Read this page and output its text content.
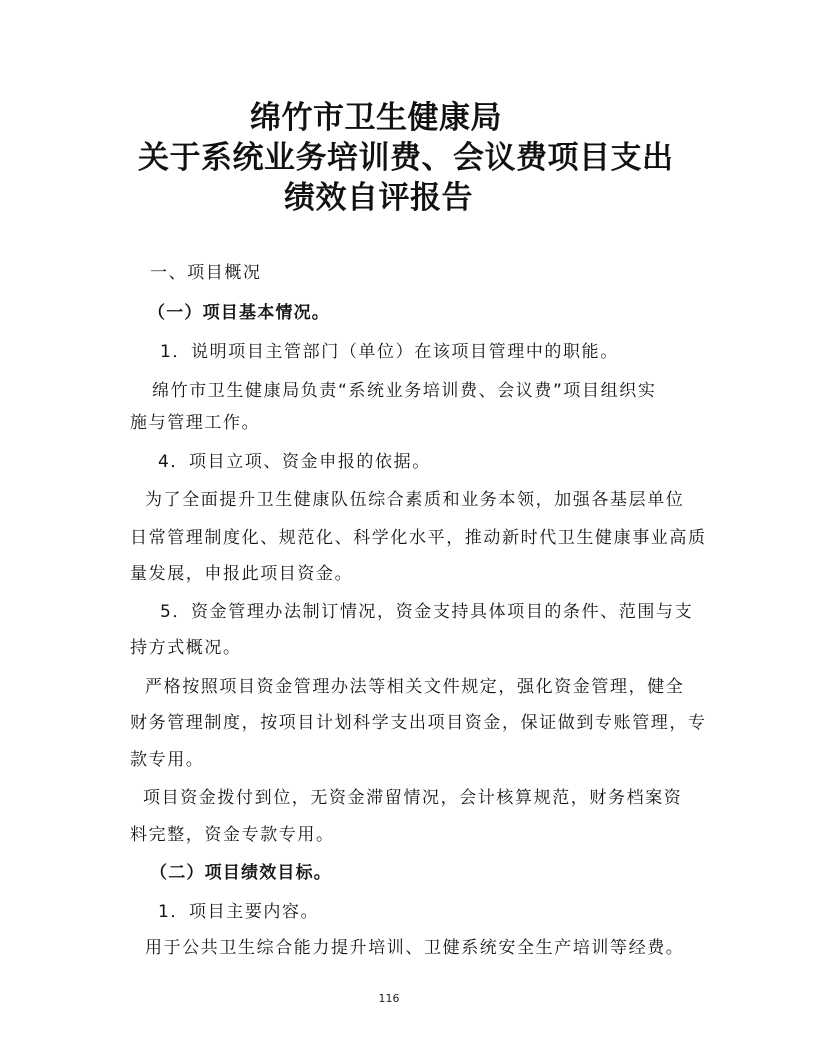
绵竹市卫生健康局
关于系统业务培训费、会议费项目支出
绩效自评报告
一、项目概况
（一）项目基本情况。
1．说明项目主管部门（单位）在该项目管理中的职能。
绵竹市卫生健康局负责“系统业务培训费、会议费”项目组织实
施与管理工作。
4．项目立项、资金申报的依据。
为了全面提升卫生健康队伍综合素质和业务本领，加强各基层单位
日常管理制度化、规范化、科学化水平，推动新时代卫生健康事业高质
量发展，申报此项目资金。
5．资金管理办法制订情况，资金支持具体项目的条件、范围与支
持方式概况。
严格按照项目资金管理办法等相关文件规定，强化资金管理，健全
财务管理制度，按项目计划科学支出项目资金，保证做到专账管理，专
款专用。
项目资金拨付到位，无资金滞留情况，会计核算规范，财务档案资
料完整，资金专款专用。
（二）项目绩效目标。
1．项目主要内容。
用于公共卫生综合能力提升培训、卫健系统安全生产培训等经费。
116
